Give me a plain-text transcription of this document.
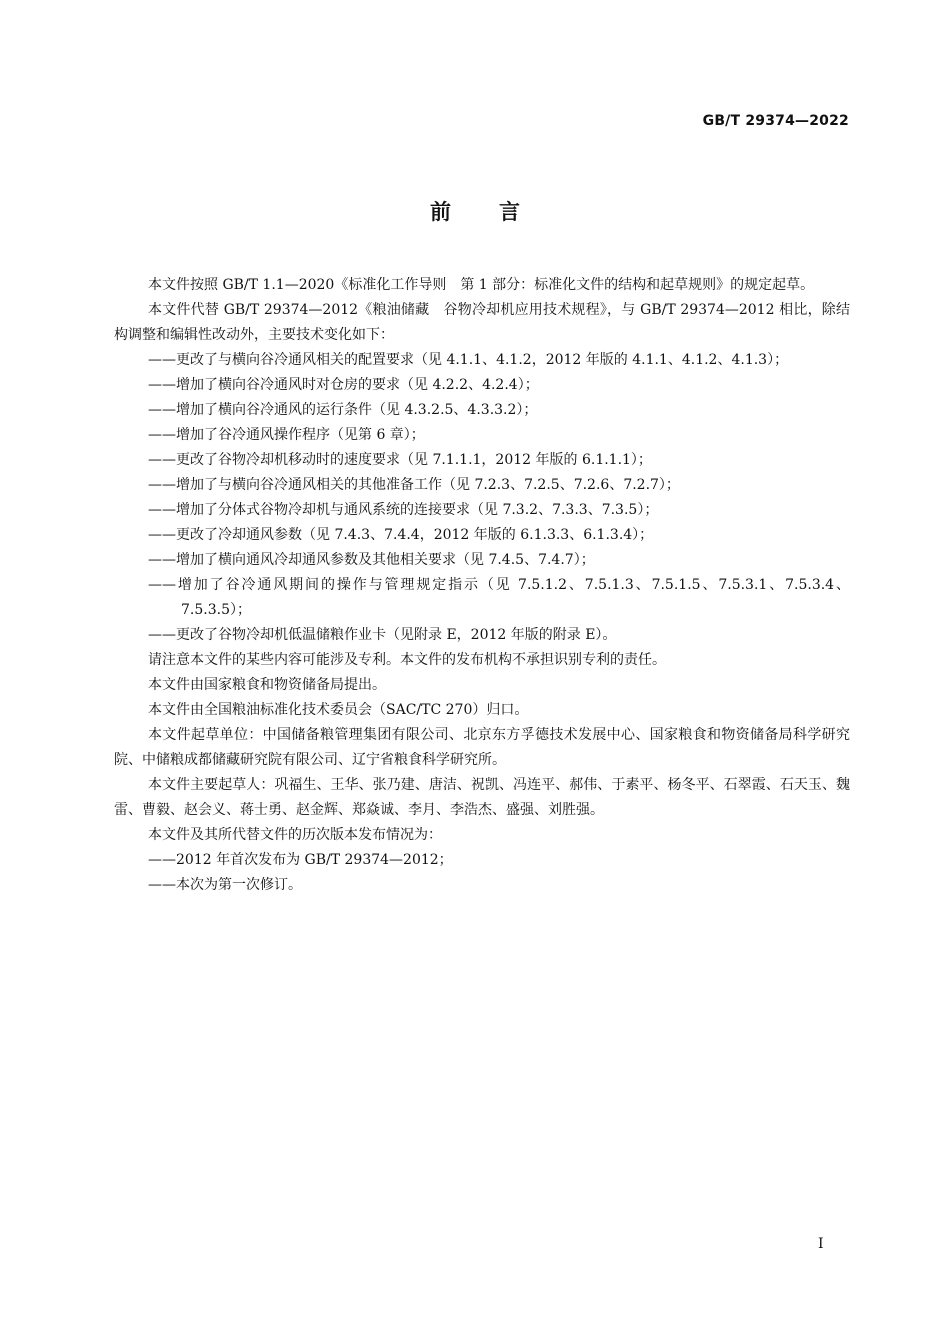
GB/T 29374—2022
前言

本文件按照 GB/T 1.1—2020《标准化工作导则　第 1 部分：标准化文件的结构和起草规则》的规定起草。

本文件代替 GB/T 29374—2012《粮油储藏　谷物冷却机应用技术规程》，与 GB/T 29374—2012 相比，除结构调整和编辑性改动外，主要技术变化如下：

——更改了与横向谷冷通风相关的配置要求（见 4.1.1、4.1.2，2012 年版的 4.1.1、4.1.2、4.1.3）；

——增加了横向谷冷通风时对仓房的要求（见 4.2.2、4.2.4）；

——增加了横向谷冷通风的运行条件（见 4.3.2.5、4.3.3.2）；

——增加了谷冷通风操作程序（见第 6 章）；

——更改了谷物冷却机移动时的速度要求（见 7.1.1.1，2012 年版的 6.1.1.1）；

——增加了与横向谷冷通风相关的其他准备工作（见 7.2.3、7.2.5、7.2.6、7.2.7）；

——增加了分体式谷物冷却机与通风系统的连接要求（见 7.3.2、7.3.3、7.3.5）；

——更改了冷却通风参数（见 7.4.3、7.4.4，2012 年版的 6.1.3.3、6.1.3.4）；

——增加了横向通风冷却通风参数及其他相关要求（见 7.4.5、7.4.7）；

——增加了谷冷通风期间的操作与管理规定指示（见 7.5.1.2、7.5.1.3、7.5.1.5、7.5.3.1、7.5.3.4、7.5.3.5）；

——更改了谷物冷却机低温储粮作业卡（见附录 E，2012 年版的附录 E）。

请注意本文件的某些内容可能涉及专利。本文件的发布机构不承担识别专利的责任。

本文件由国家粮食和物资储备局提出。

本文件由全国粮油标准化技术委员会（SAC/TC 270）归口。

本文件起草单位：中国储备粮管理集团有限公司、北京东方孚德技术发展中心、国家粮食和物资储备局科学研究院、中储粮成都储藏研究院有限公司、辽宁省粮食科学研究所。

本文件主要起草人：巩福生、王华、张乃建、唐洁、祝凯、冯连平、郝伟、于素平、杨冬平、石翠霞、石天玉、魏雷、曹毅、赵会义、蒋士勇、赵金辉、郑焱诚、李月、李浩杰、盛强、刘胜强。

本文件及其所代替文件的历次版本发布情况为：

——2012 年首次发布为 GB/T 29374—2012；

——本次为第一次修订。

I
